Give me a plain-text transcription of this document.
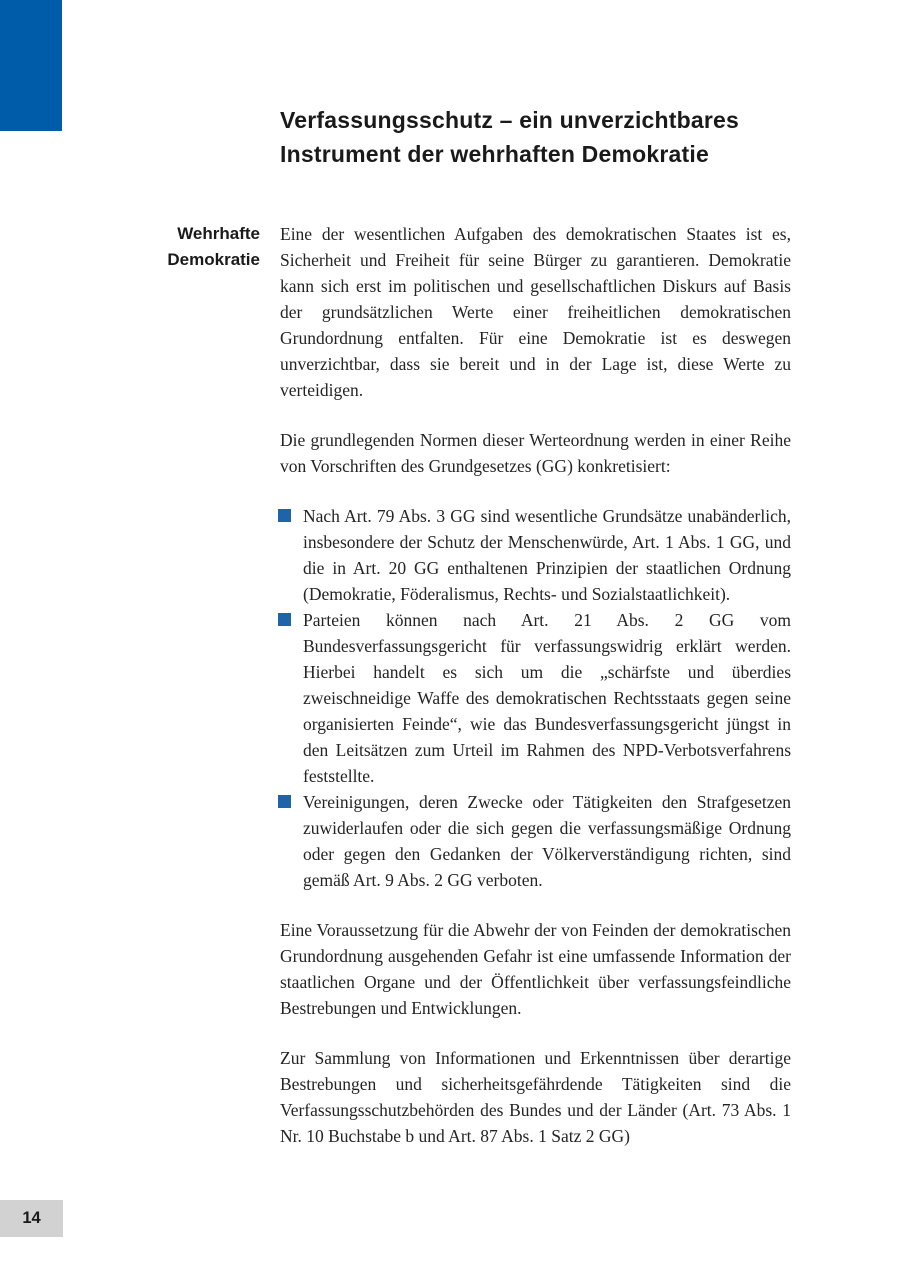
Verfassungsschutz – ein unverzichtbares
Instrument der wehrhaften Demokratie
Wehrhafte
Demokratie

Eine der wesentlichen Aufgaben des demokratischen Staates ist es, Sicherheit und Freiheit für seine Bürger zu garantieren. Demokratie kann sich erst im politischen und gesellschaftlichen Diskurs auf Basis der grundsätzlichen Werte einer freiheitlichen demokratischen Grundordnung entfalten. Für eine Demokratie ist es deswegen unverzichtbar, dass sie bereit und in der Lage ist, diese Werte zu verteidigen.

Die grundlegenden Normen dieser Werteordnung werden in einer Reihe von Vorschriften des Grundgesetzes (GG) konkretisiert:

Nach Art. 79 Abs. 3 GG sind wesentliche Grundsätze unabänderlich, insbesondere der Schutz der Menschenwürde, Art. 1 Abs. 1 GG, und die in Art. 20 GG enthaltenen Prinzipien der staatlichen Ordnung (Demokratie, Föderalismus, Rechts- und Sozialstaatlichkeit).
Parteien können nach Art. 21 Abs. 2 GG vom Bundesverfassungsgericht für verfassungswidrig erklärt werden. Hierbei handelt es sich um die „schärfste und überdies zweischneidige Waffe des demokratischen Rechtsstaats gegen seine organisierten Feinde“, wie das Bundesverfassungsgericht jüngst in den Leitsätzen zum Urteil im Rahmen des NPD-Verbotsverfahrens feststellte.
Vereinigungen, deren Zwecke oder Tätigkeiten den Strafgesetzen zuwiderlaufen oder die sich gegen die verfassungsmäßige Ordnung oder gegen den Gedanken der Völkerverständigung richten, sind gemäß Art. 9 Abs. 2 GG verboten.

Eine Voraussetzung für die Abwehr der von Feinden der demokratischen Grundordnung ausgehenden Gefahr ist eine umfassende Information der staatlichen Organe und der Öffentlichkeit über verfassungsfeindliche Bestrebungen und Entwicklungen.

Zur Sammlung von Informationen und Erkenntnissen über derartige Bestrebungen und sicherheitsgefährdende Tätigkeiten sind die Verfassungsschutzbehörden des Bundes und der Länder (Art. 73 Abs. 1 Nr. 10 Buchstabe b und Art. 87 Abs. 1 Satz 2 GG)

14
